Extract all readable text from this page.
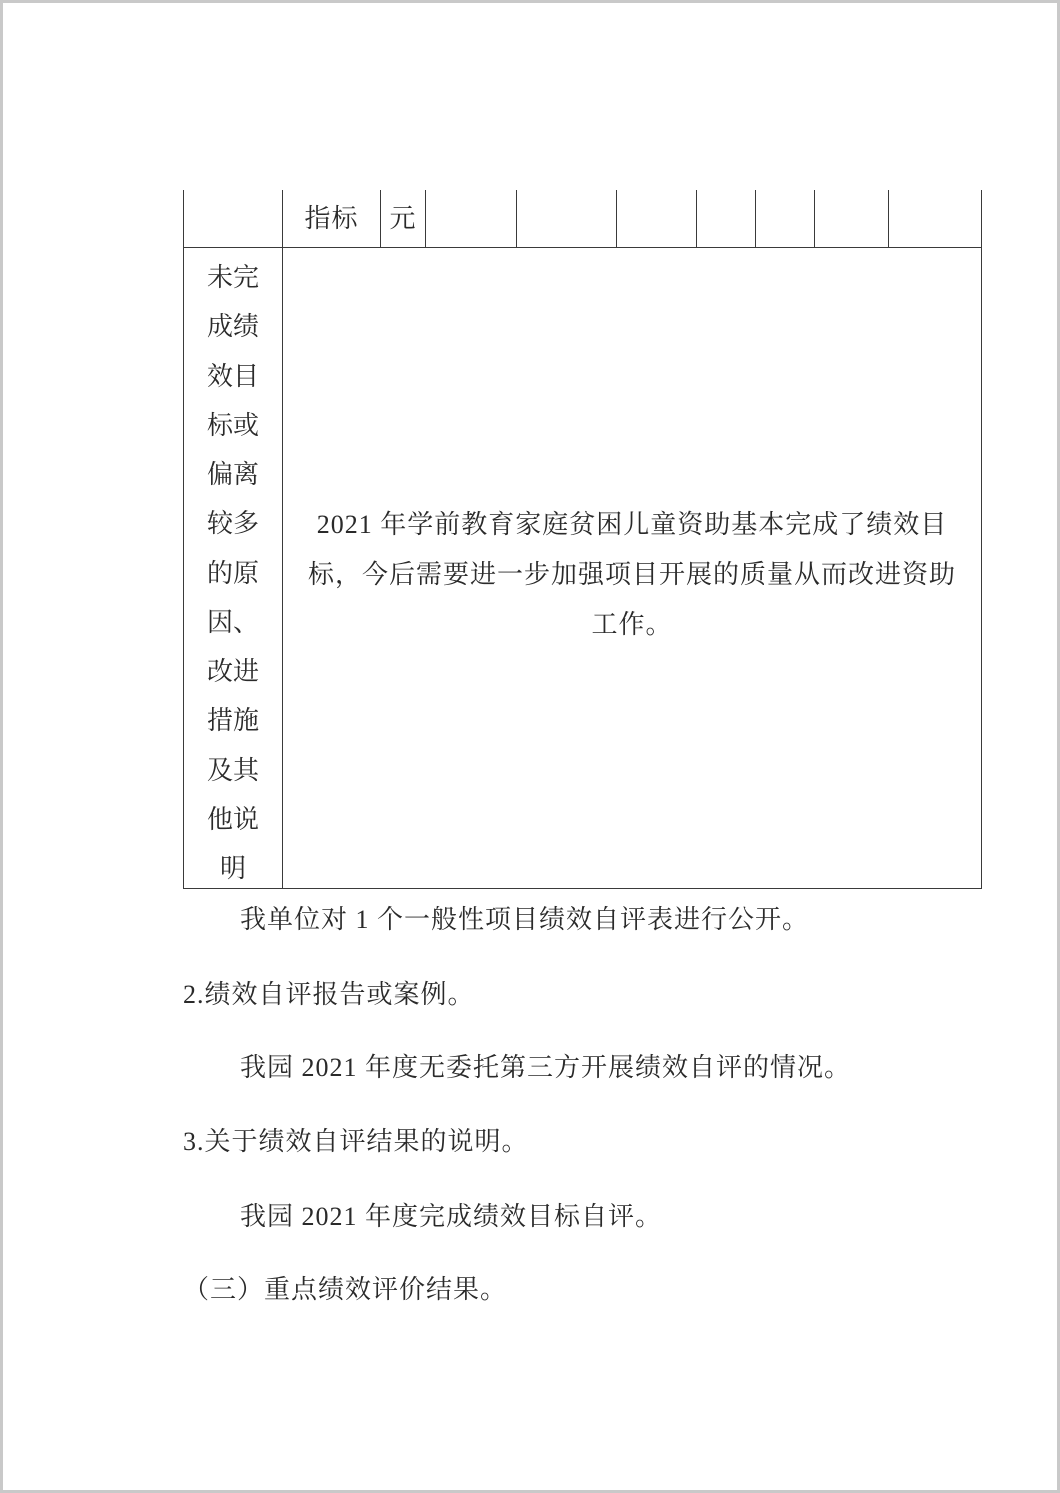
指标	元
未完
成绩
效目
标或
偏离
较多
的原
因、
改进
措施
及其
他说
明
2021 年学前教育家庭贫困儿童资助基本完成了绩效目
标，今后需要进一步加强项目开展的质量从而改进资助
工作。
我单位对 1 个一般性项目绩效自评表进行公开。
2.绩效自评报告或案例。
我园 2021 年度无委托第三方开展绩效自评的情况。
3.关于绩效自评结果的说明。
我园 2021 年度完成绩效目标自评。
（三）重点绩效评价结果。
